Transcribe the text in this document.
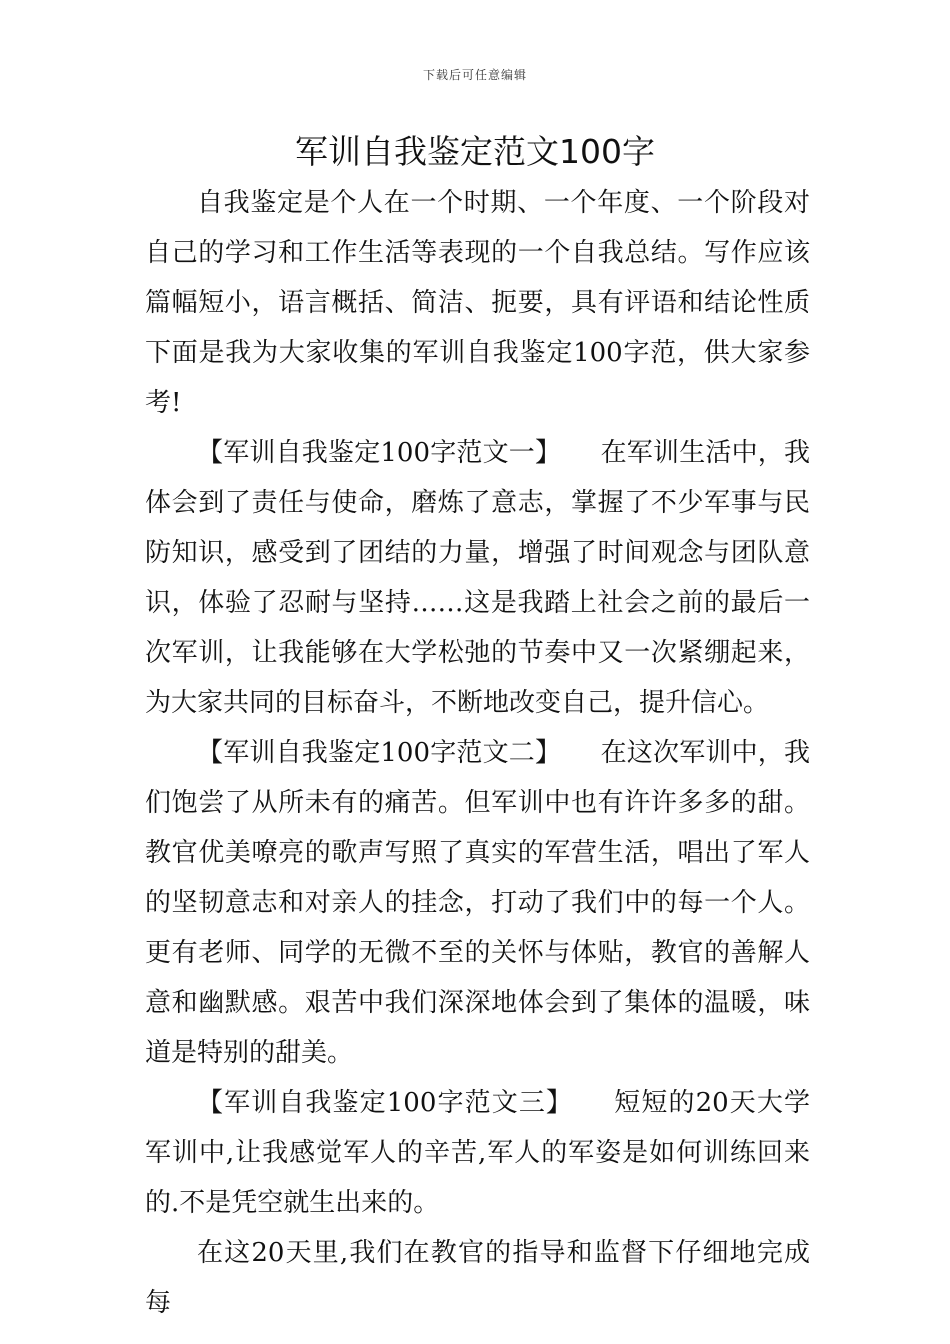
下载后可任意编辑
军训自我鉴定范文100字

自我鉴定是个人在一个时期、一个年度、一个阶段对自己的学习和工作生活等表现的一个自我总结。写作应该篇幅短小，语言概括、简洁、扼要，具有评语和结论性质下面是我为大家收集的军训自我鉴定100字范，供大家参考!

【军训自我鉴定100字范文一】　　在军训生活中，我体会到了责任与使命，磨炼了意志，掌握了不少军事与民防知识，感受到了团结的力量，增强了时间观念与团队意识，体验了忍耐与坚持……这是我踏上社会之前的最后一次军训，让我能够在大学松弛的节奏中又一次紧绷起来，为大家共同的目标奋斗，不断地改变自己，提升信心。

【军训自我鉴定100字范文二】　　在这次军训中，我们饱尝了从所未有的痛苦。但军训中也有许许多多的甜。教官优美嘹亮的歌声写照了真实的军营生活，唱出了军人的坚韧意志和对亲人的挂念，打动了我们中的每一个人。更有老师、同学的无微不至的关怀与体贴，教官的善解人意和幽默感。艰苦中我们深深地体会到了集体的温暖，味道是特别的甜美。

【军训自我鉴定100字范文三】　　短短的20天大学军训中,让我感觉军人的辛苦,军人的军姿是如何训练回来的.不是凭空就生出来的。

在这20天里,我们在教官的指导和监督下仔细地完成每
